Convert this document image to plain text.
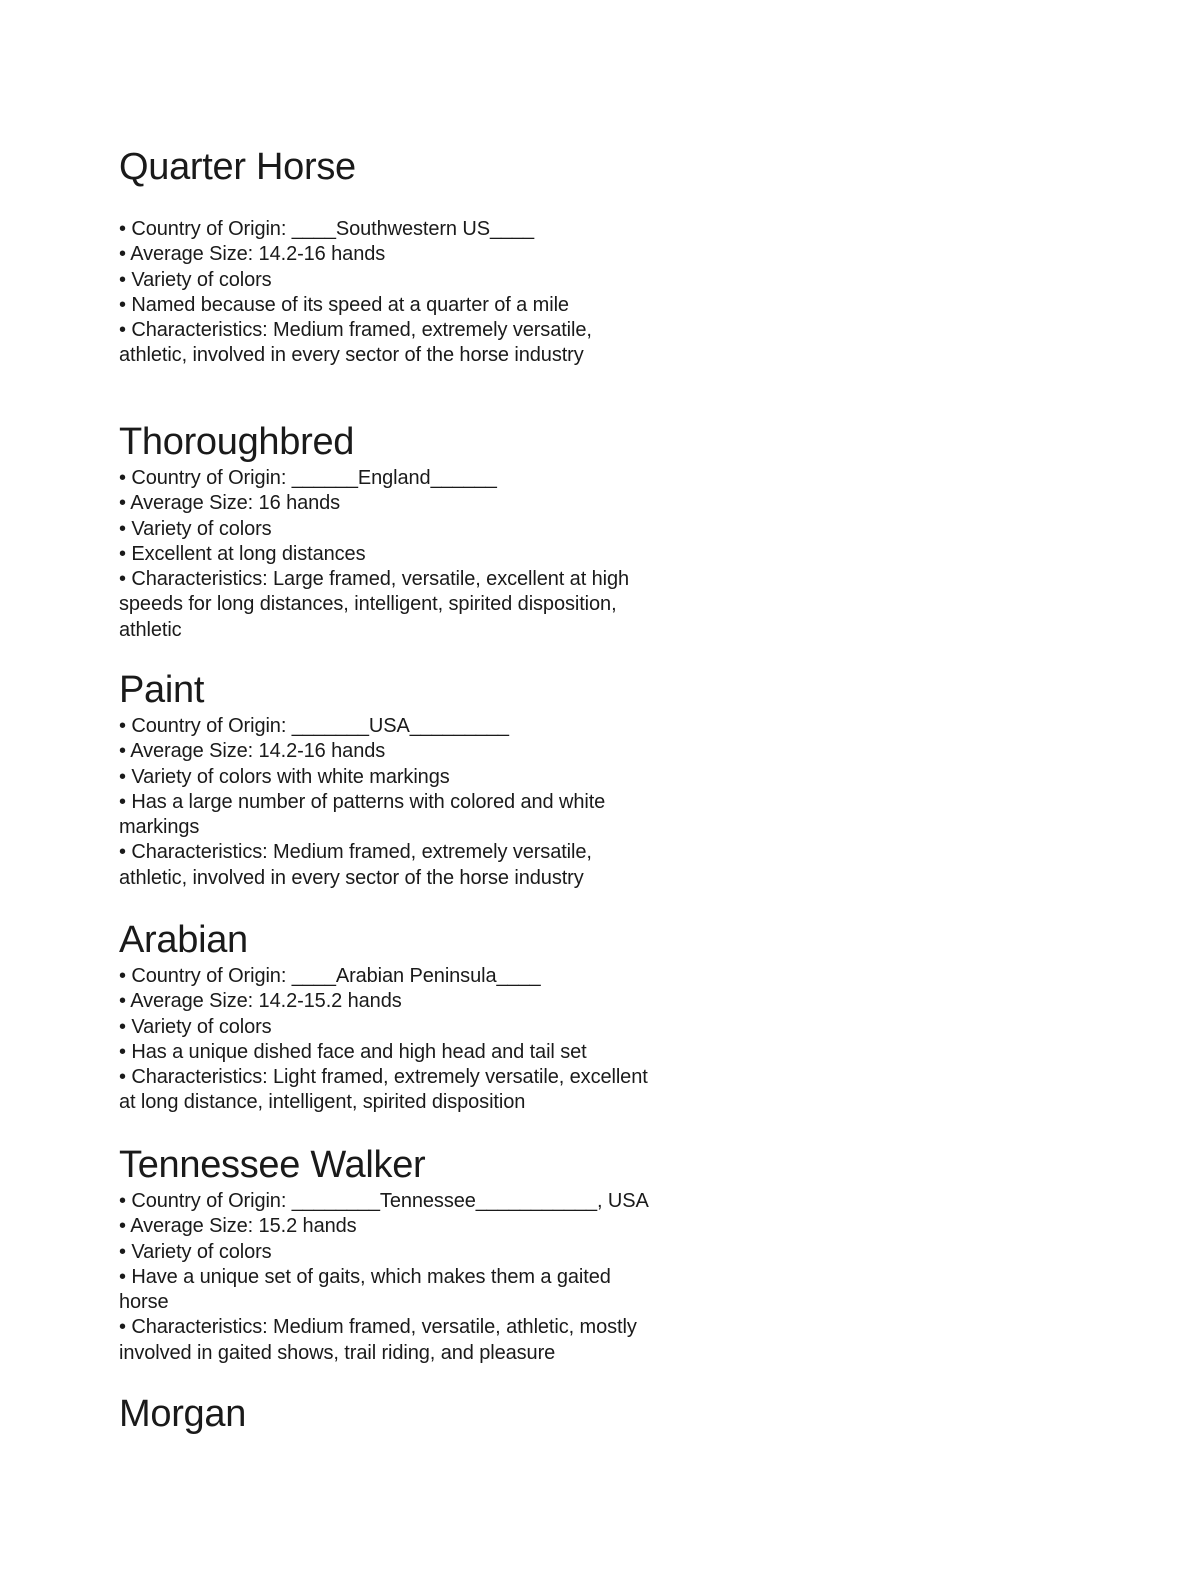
Quarter Horse

• Country of Origin: ____Southwestern US____

• Average Size: 14.2-16 hands

• Variety of colors

• Named because of its speed at a quarter of a mile

• Characteristics: Medium framed, extremely versatile,

athletic, involved in every sector of the horse industry

Thoroughbred

• Country of Origin: ______England______

• Average Size: 16 hands

• Variety of colors

• Excellent at long distances

• Characteristics: Large framed, versatile, excellent at high

speeds for long distances, intelligent, spirited disposition,

athletic

Paint

• Country of Origin: _______USA_________

• Average Size: 14.2-16 hands

• Variety of colors with white markings

• Has a large number of patterns with colored and white

markings

• Characteristics: Medium framed, extremely versatile,

athletic, involved in every sector of the horse industry

Arabian

• Country of Origin: ____Arabian Peninsula____

• Average Size: 14.2-15.2 hands

• Variety of colors

• Has a unique dished face and high head and tail set

• Characteristics: Light framed, extremely versatile, excellent

at long distance, intelligent, spirited disposition

Tennessee Walker

• Country of Origin: ________Tennessee___________, USA

• Average Size: 15.2 hands

• Variety of colors

• Have a unique set of gaits, which makes them a gaited

horse

• Characteristics: Medium framed, versatile, athletic, mostly

involved in gaited shows, trail riding, and pleasure

Morgan
